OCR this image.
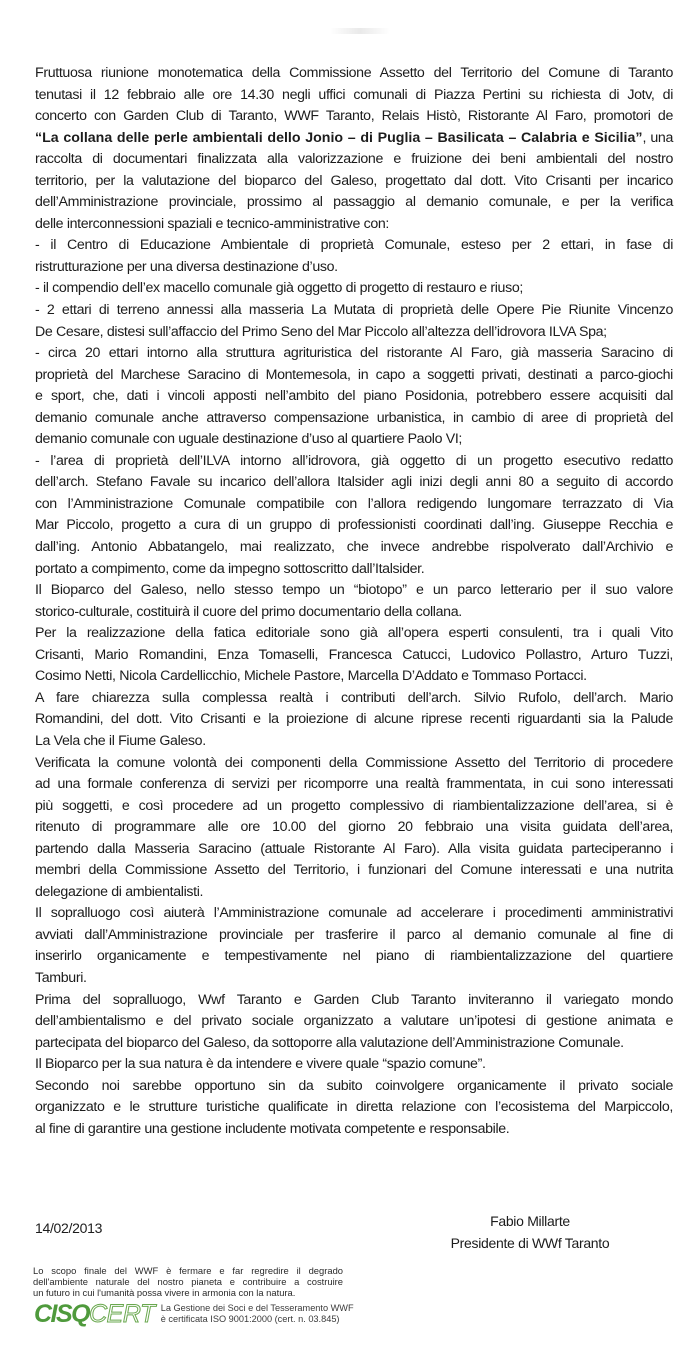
Fruttuosa riunione monotematica della Commissione Assetto del Territorio del Comune di Taranto
tenutasi il 12 febbraio alle ore 14.30 negli uffici comunali di Piazza Pertini su richiesta di Jotv, di
concerto con Garden Club di Taranto, WWF Taranto, Relais Histò, Ristorante Al Faro, promotori de
“La collana delle perle ambientali dello Jonio – di Puglia – Basilicata – Calabria e Sicilia”, una
raccolta di documentari finalizzata alla valorizzazione e fruizione dei beni ambientali del nostro
territorio, per la valutazione del bioparco del Galeso, progettato dal dott. Vito Crisanti per incarico
dell’Amministrazione provinciale, prossimo al passaggio al demanio comunale, e per la verifica
delle interconnessioni spaziali e tecnico-amministrative con:
- il Centro di Educazione Ambientale di proprietà Comunale, esteso per 2 ettari, in fase di
ristrutturazione per una diversa destinazione d’uso.
- il compendio dell’ex macello comunale già oggetto di progetto di restauro e riuso;
- 2 ettari di terreno annessi alla masseria La Mutata di proprietà delle Opere Pie Riunite Vincenzo
De Cesare, distesi sull’affaccio del Primo Seno del Mar Piccolo all’altezza dell’idrovora ILVA Spa;
- circa 20 ettari intorno alla struttura agrituristica del ristorante Al Faro, già masseria Saracino di
proprietà del Marchese Saracino di Montemesola, in capo a soggetti privati, destinati a parco-giochi
e sport, che, dati i vincoli apposti nell’ambito del piano Posidonia, potrebbero essere acquisiti dal
demanio comunale anche attraverso compensazione urbanistica, in cambio di aree di proprietà del
demanio comunale con uguale destinazione d’uso al quartiere Paolo VI;
- l’area di proprietà dell’ILVA intorno all’idrovora, già oggetto di un progetto esecutivo redatto
dell’arch. Stefano Favale su incarico dell’allora Italsider agli inizi degli anni 80 a seguito di accordo
con l’Amministrazione Comunale compatibile con l’allora redigendo lungomare terrazzato di Via
Mar Piccolo, progetto a cura di un gruppo di professionisti coordinati dall’ing. Giuseppe Recchia e
dall’ing. Antonio Abbatangelo, mai realizzato, che invece andrebbe rispolverato dall’Archivio e
portato a compimento, come da impegno sottoscritto dall’Italsider.
Il Bioparco del Galeso, nello stesso tempo un “biotopo” e un parco letterario per il suo valore
storico-culturale, costituirà il cuore del primo documentario della collana.
Per la realizzazione della fatica editoriale sono già all’opera esperti consulenti, tra i quali Vito
Crisanti, Mario Romandini, Enza Tomaselli, Francesca Catucci, Ludovico Pollastro, Arturo Tuzzi,
Cosimo Netti, Nicola Cardellicchio, Michele Pastore, Marcella D’Addato e Tommaso Portacci.
A fare chiarezza sulla complessa realtà i contributi dell’arch. Silvio Rufolo, dell’arch. Mario
Romandini, del dott. Vito Crisanti e la proiezione di alcune riprese recenti riguardanti sia la Palude
La Vela che il Fiume Galeso.
Verificata la comune volontà dei componenti della Commissione Assetto del Territorio di procedere
ad una formale conferenza di servizi per ricomporre una realtà frammentata, in cui sono interessati
più soggetti, e così procedere ad un progetto complessivo di riambientalizzazione dell’area, si è
ritenuto di programmare alle ore 10.00 del giorno 20 febbraio una visita guidata dell’area,
partendo dalla Masseria Saracino (attuale Ristorante Al Faro). Alla visita guidata parteciperanno i
membri della Commissione Assetto del Territorio, i funzionari del Comune interessati e una nutrita
delegazione di ambientalisti.
Il sopralluogo così aiuterà l’Amministrazione comunale ad accelerare i procedimenti amministrativi
avviati dall’Amministrazione provinciale per trasferire il parco al demanio comunale al fine di
inserirlo organicamente e tempestivamente nel piano di riambientalizzazione del quartiere
Tamburi.
Prima del sopralluogo, Wwf Taranto e Garden Club Taranto inviteranno il variegato mondo
dell’ambientalismo e del privato sociale organizzato a valutare un’ipotesi di gestione animata e
partecipata del bioparco del Galeso, da sottoporre alla valutazione dell’Amministrazione Comunale.
Il Bioparco per la sua natura è da intendere e vivere quale “spazio comune”.
Secondo noi sarebbe opportuno sin da subito coinvolgere organicamente il privato sociale
organizzato e le strutture turistiche qualificate in diretta relazione con l’ecosistema del Marpiccolo,
al fine di garantire una gestione includente motivata competente e responsabile.
14/02/2013	Fabio Millarte
Presidente di WWf Taranto
Lo scopo finale del WWF è fermare e far regredire il degrado
dell'ambiente naturale del nostro pianeta e contribuire a costruire
un futuro in cui l'umanità possa vivere in armonia con la natura.
CISQ CERT La Gestione dei Soci e del Tesseramento WWF
è certificata ISO 9001:2000 (cert. n. 03.845)
